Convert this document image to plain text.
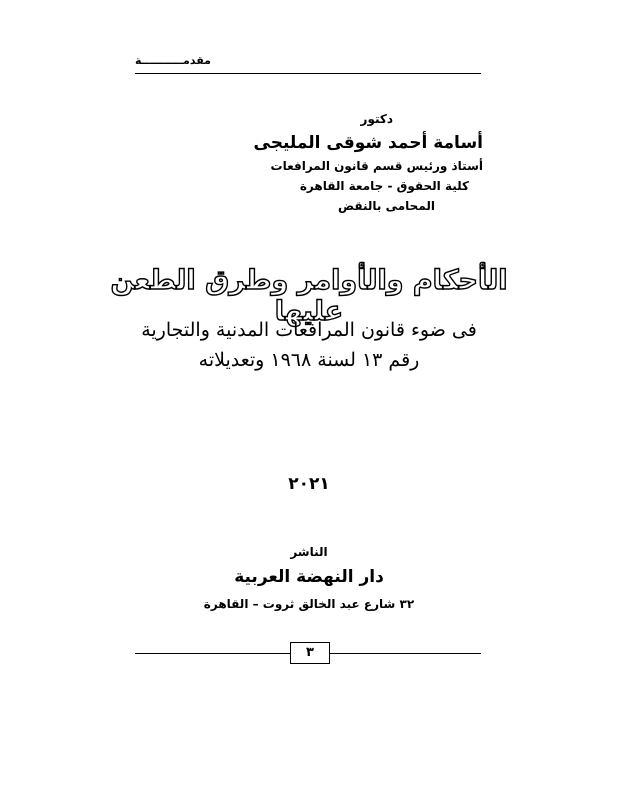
مقدمـــــــــــة
دكتور
أسامة أحمد شوقى المليجى
أستاذ ورئيس قسم قانون المرافعات
كلية الحقوق - جامعة القاهرة
المحامى بالنقض
الأحكام والأوامر وطرق الطعن عليها
فى ضوء قانون المرافعات المدنية والتجارية
رقم ١٣ لسنة ١٩٦٨ وتعديلاته
٢٠٢١
الناشر
دار النهضة العربية
٣٢ شارع عبد الخالق ثروت – القاهرة
٣
